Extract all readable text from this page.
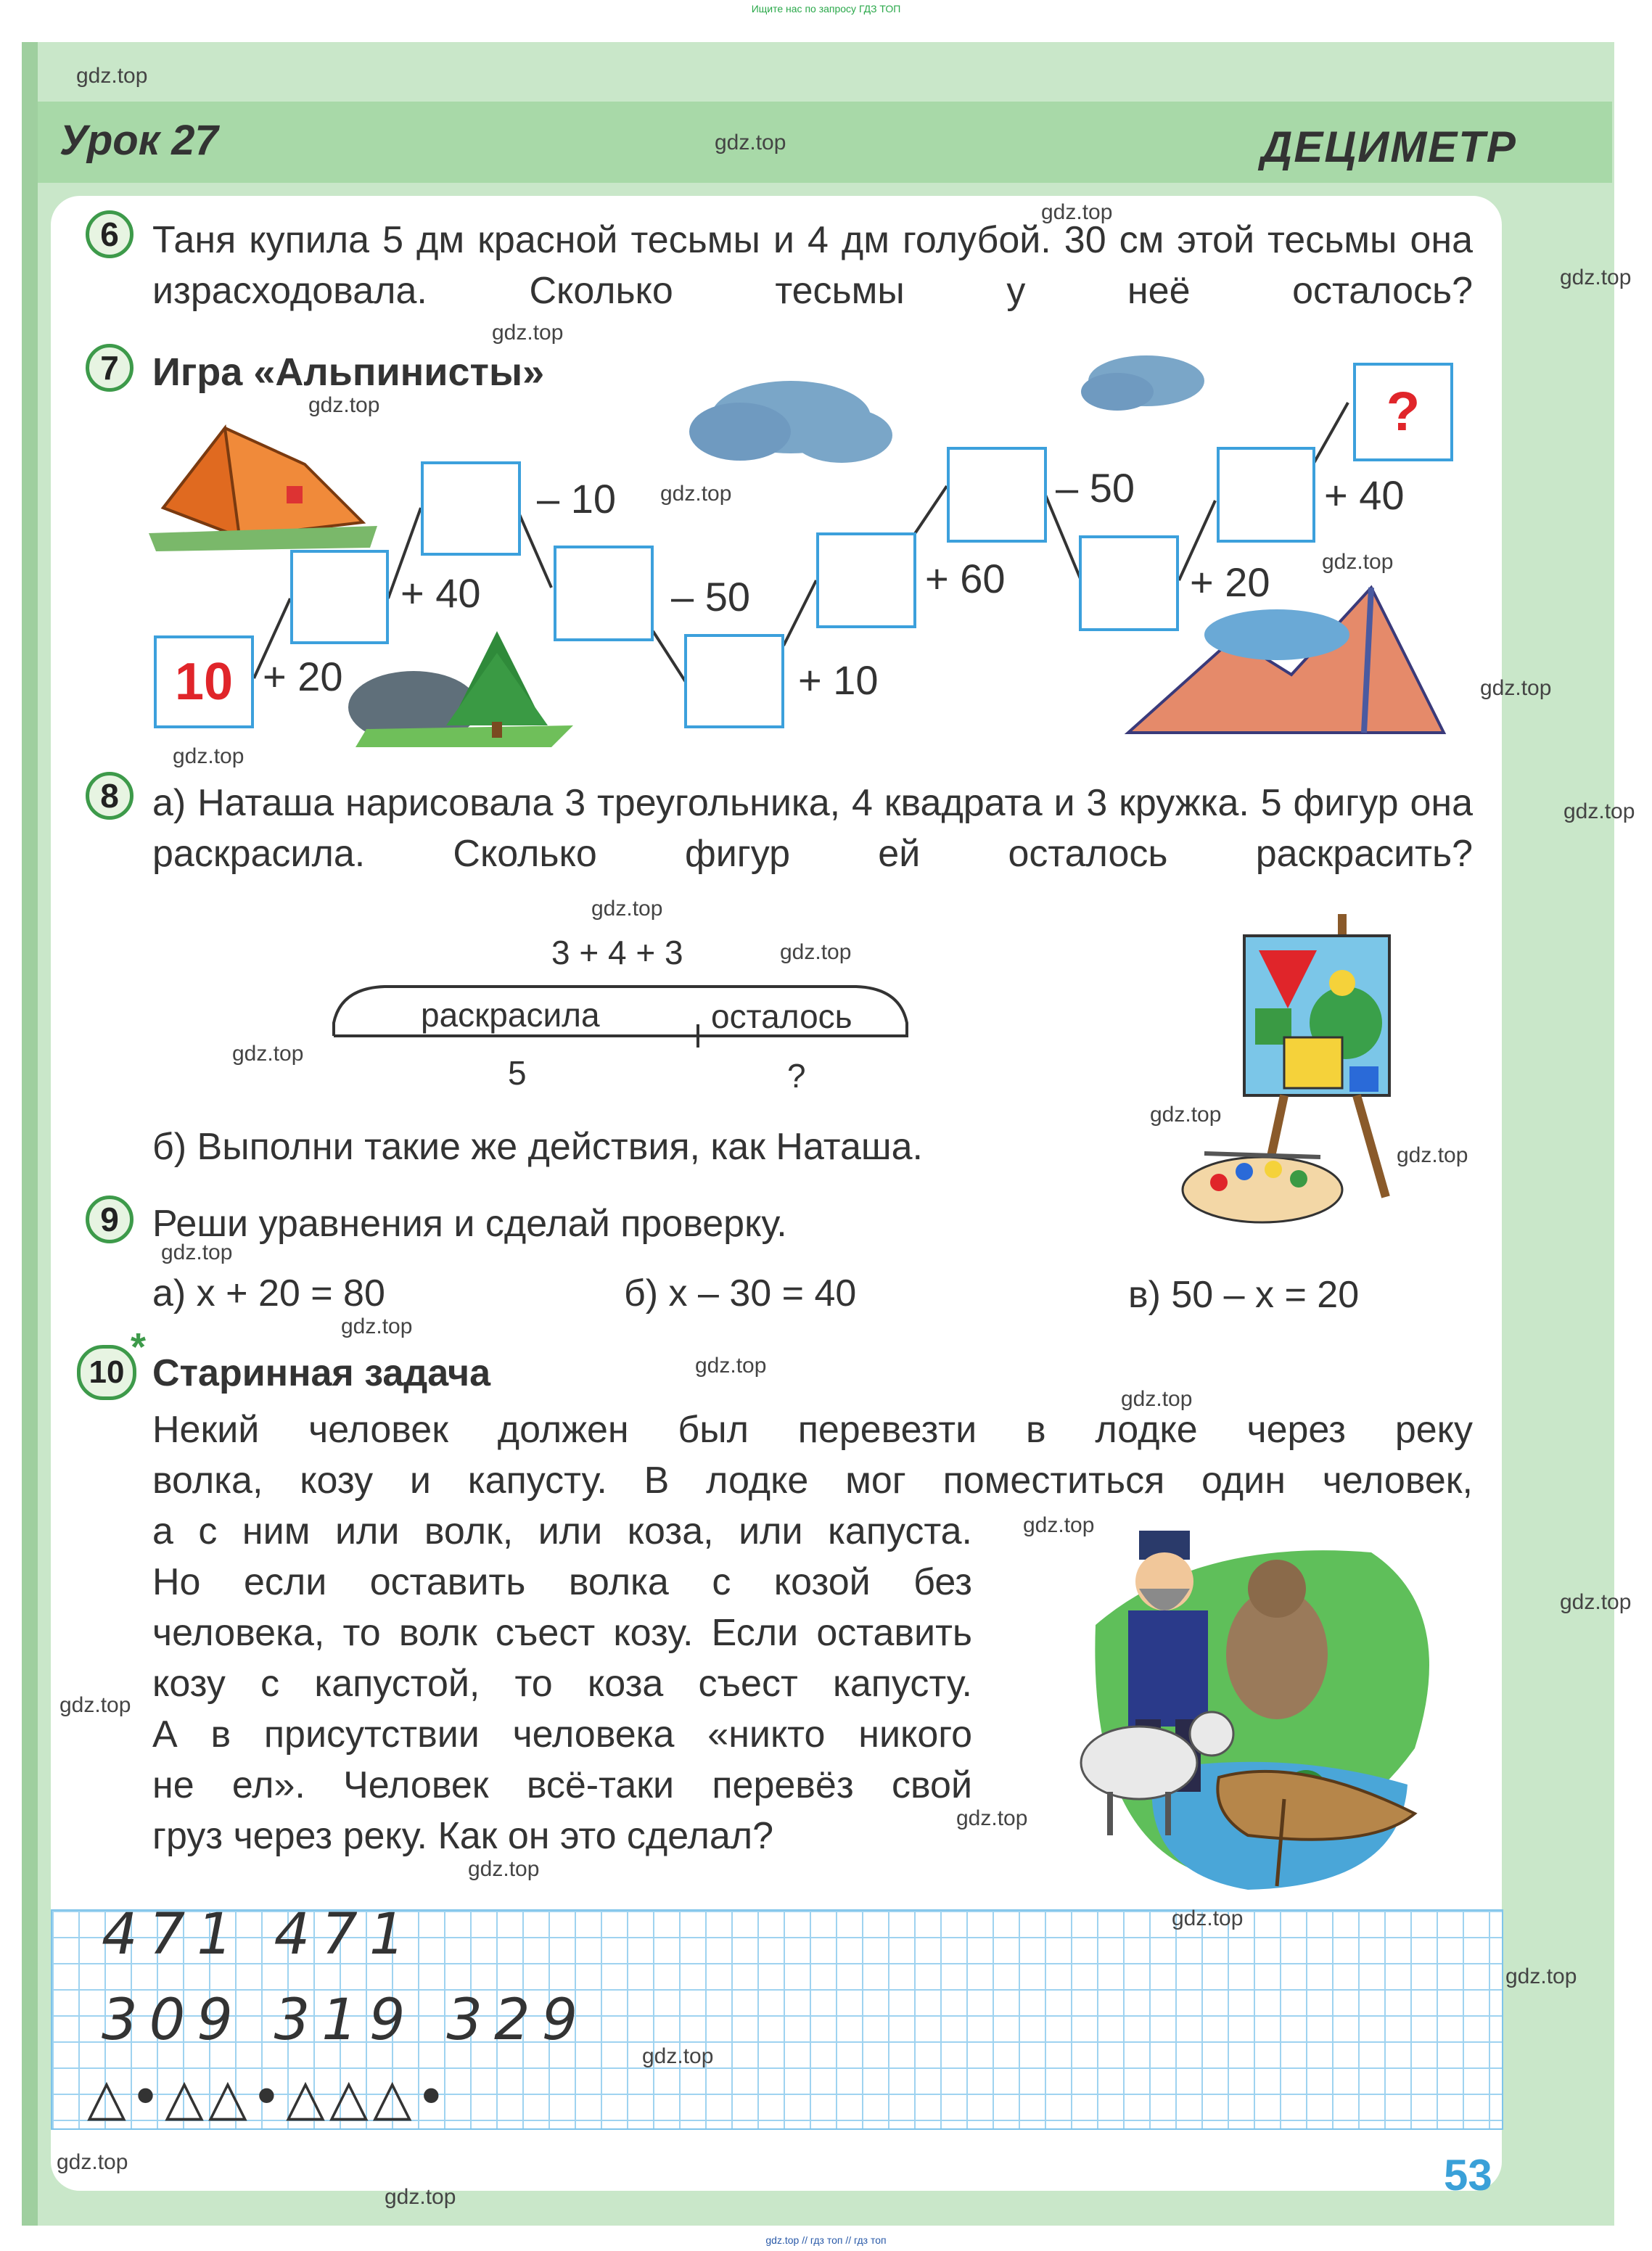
Ищите нас по запросу ГДЗ ТОП
Урок 27	ДЕЦИМЕТР
6 Таня купила 5 дм красной тесьмы и 4 дм голубой. 30 см этой тесьмы она израсходовала. Сколько тесьмы у неё осталось?
7 Игра «Альпинисты»
10
?
+ 20
+ 40
– 10
– 50
+ 10
+ 60
– 50
+ 20
+ 40
8 а) Наташа нарисовала 3 треугольника, 4 квадрата и 3 кружка. 5 фигур она раскрасила. Сколько фигур ей осталось раскрасить?
3 + 4 + 3
раскрасила	осталось
5	?
б) Выполни такие же действия, как Наташа.
9 Реши уравнения и сделай проверку.
а) x + 20 = 80	б) x – 30 = 40	в) 50 – x = 20
10
*
Старинная задача
Некий человек должен был перевезти в лодке через реку
волка, козу и капусту. В лодке мог поместиться один человек,
а с ним или волк, или коза, или капуста.
Но если оставить волка с козой без
человека, то волк съест козу. Если оставить
козу с капустой, то коза съест капусту.
А в присутствии человека «никто никого
не ел». Человек всё-таки перевёз свой
груз через реку. Как он это сделал?
471 471
309 319 329
△•△△•△△△•
53
gdz.top
gdz.top
gdz.top
gdz.top
gdz.top
gdz.top
gdz.top
gdz.top
gdz.top
gdz.top
gdz.top
gdz.top
gdz.top
gdz.top
gdz.top
gdz.top
gdz.top
gdz.top
gdz.top
gdz.top
gdz.top
gdz.top
gdz.top
gdz.top
gdz.top
gdz.top
gdz.top
gdz.top
gdz.top
gdz.top
gdz.top // гдз топ // гдз топ
